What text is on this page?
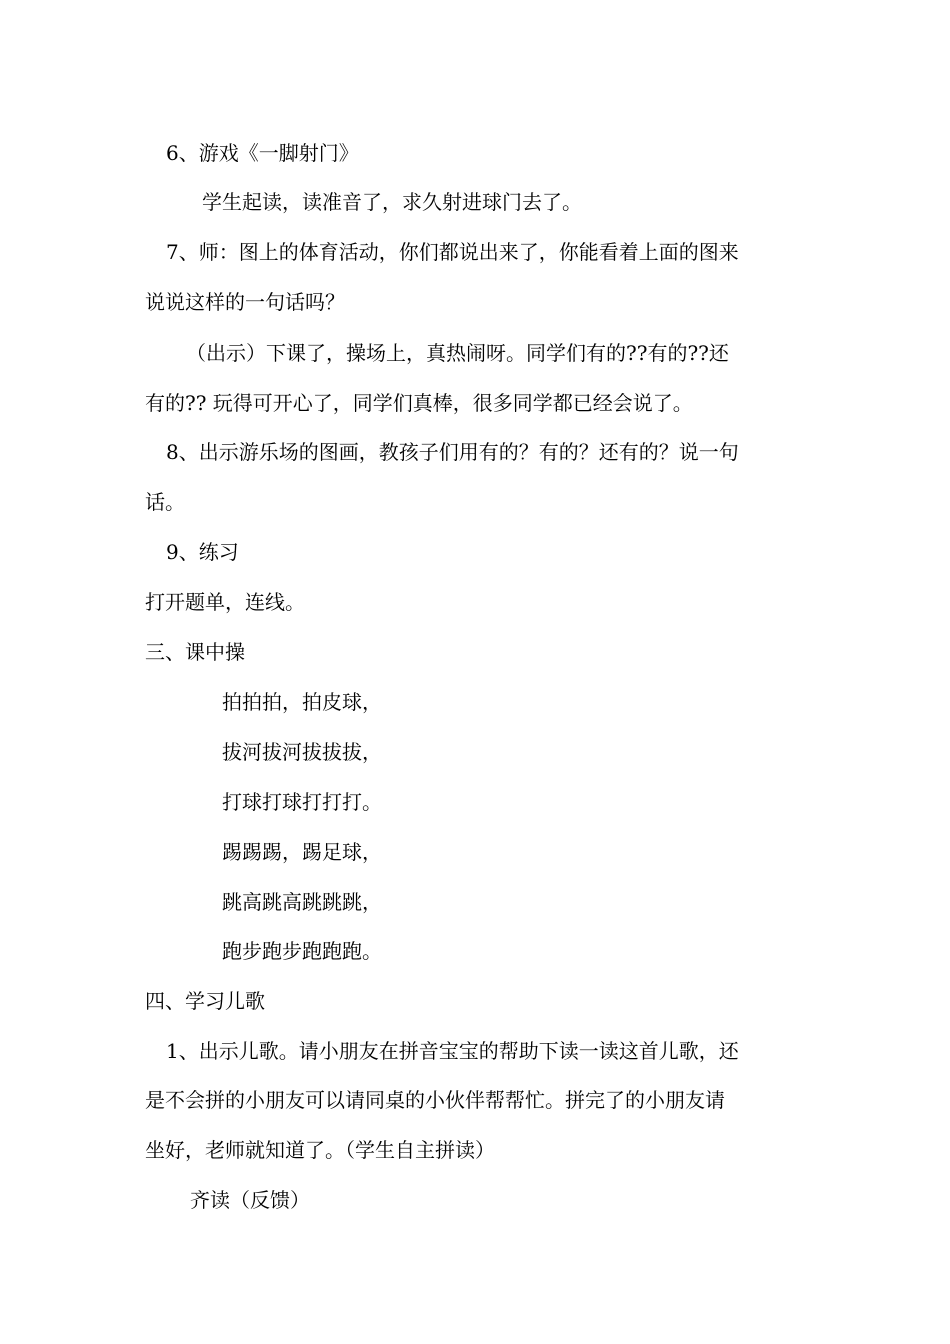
6、游戏《一脚射门》
学生起读，读准音了，求久射进球门去了。
7、师：图上的体育活动，你们都说出来了，你能看着上面的图来
说说这样的一句话吗？
（出示）下课了，操场上，真热闹呀。同学们有的??有的??还
有的?? 玩得可开心了，同学们真棒，很多同学都已经会说了。
8、出示游乐场的图画，教孩子们用有的？有的？还有的？说一句
话。
9、练习
打开题单，连线。
三、课中操
拍拍拍，拍皮球，
拔河拔河拔拔拔，
打球打球打打打。
踢踢踢，踢足球，
跳高跳高跳跳跳，
跑步跑步跑跑跑。
四、学习儿歌
1、出示儿歌。请小朋友在拼音宝宝的帮助下读一读这首儿歌，还
是不会拼的小朋友可以请同桌的小伙伴帮帮忙。拼完了的小朋友请
坐好，老师就知道了。（学生自主拼读）
齐读（反馈）
